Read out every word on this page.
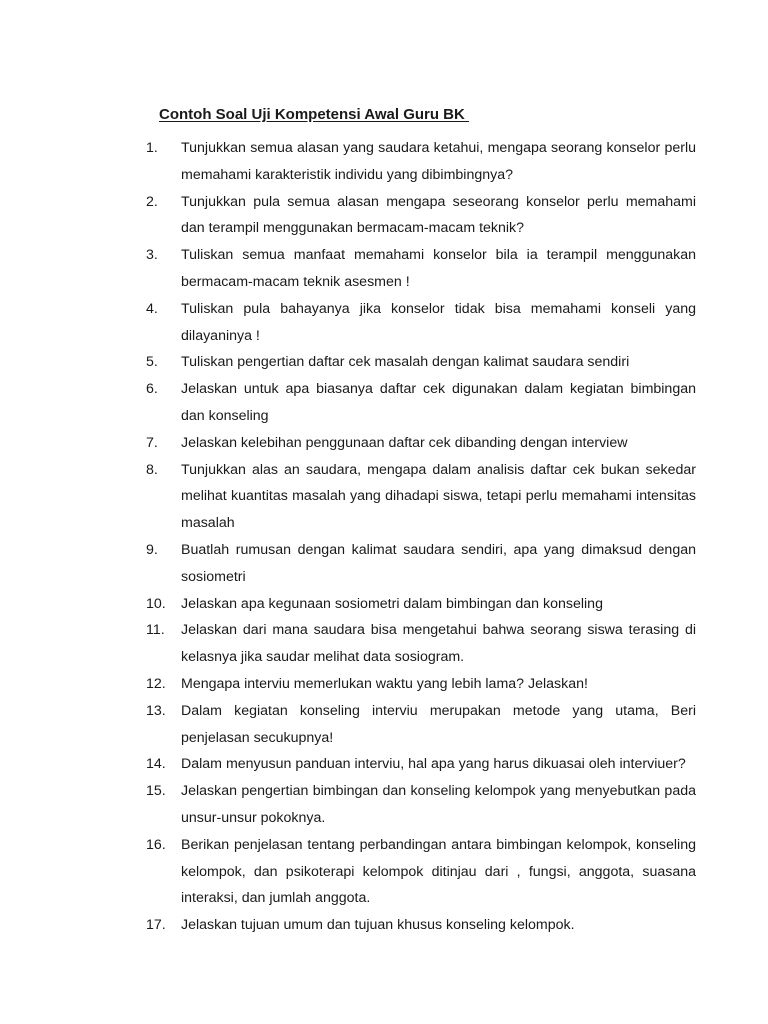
Contoh Soal Uji Kompetensi Awal Guru BK

1.	Tunjukkan semua alasan yang saudara ketahui, mengapa seorang konselor perlu memahami karakteristik individu yang dibimbingnya?
2.	Tunjukkan pula semua alasan mengapa seseorang konselor perlu memahami dan terampil menggunakan bermacam-macam teknik?
3.	Tuliskan semua manfaat memahami konselor bila ia terampil menggunakan bermacam-macam teknik asesmen !
4.	Tuliskan pula bahayanya jika konselor tidak bisa memahami konseli yang dilayaninya !
5.	Tuliskan pengertian daftar cek masalah dengan kalimat saudara sendiri
6.	Jelaskan untuk apa biasanya daftar cek digunakan dalam kegiatan bimbingan dan konseling
7.	Jelaskan kelebihan penggunaan daftar cek dibanding dengan interview
8.	Tunjukkan alas an saudara, mengapa dalam analisis daftar cek bukan sekedar melihat kuantitas masalah yang dihadapi siswa, tetapi perlu memahami intensitas masalah
9.	Buatlah rumusan dengan kalimat saudara sendiri, apa yang dimaksud dengan sosiometri
10.	Jelaskan apa kegunaan sosiometri dalam bimbingan dan konseling
11.	Jelaskan dari mana saudara bisa mengetahui bahwa seorang siswa terasing di kelasnya jika saudar melihat data sosiogram.
12.	Mengapa interviu memerlukan waktu yang lebih lama? Jelaskan!
13.	Dalam kegiatan konseling interviu merupakan metode yang utama, Beri penjelasan secukupnya!
14.	Dalam menyusun panduan interviu, hal apa yang harus dikuasai oleh interviuer?
15.	Jelaskan pengertian bimbingan dan konseling kelompok yang menyebutkan pada unsur-unsur pokoknya.
16.	Berikan penjelasan tentang perbandingan antara bimbingan kelompok, konseling kelompok, dan psikoterapi kelompok ditinjau dari , fungsi, anggota, suasana interaksi, dan jumlah anggota.
17.	Jelaskan tujuan umum dan tujuan khusus konseling kelompok.
